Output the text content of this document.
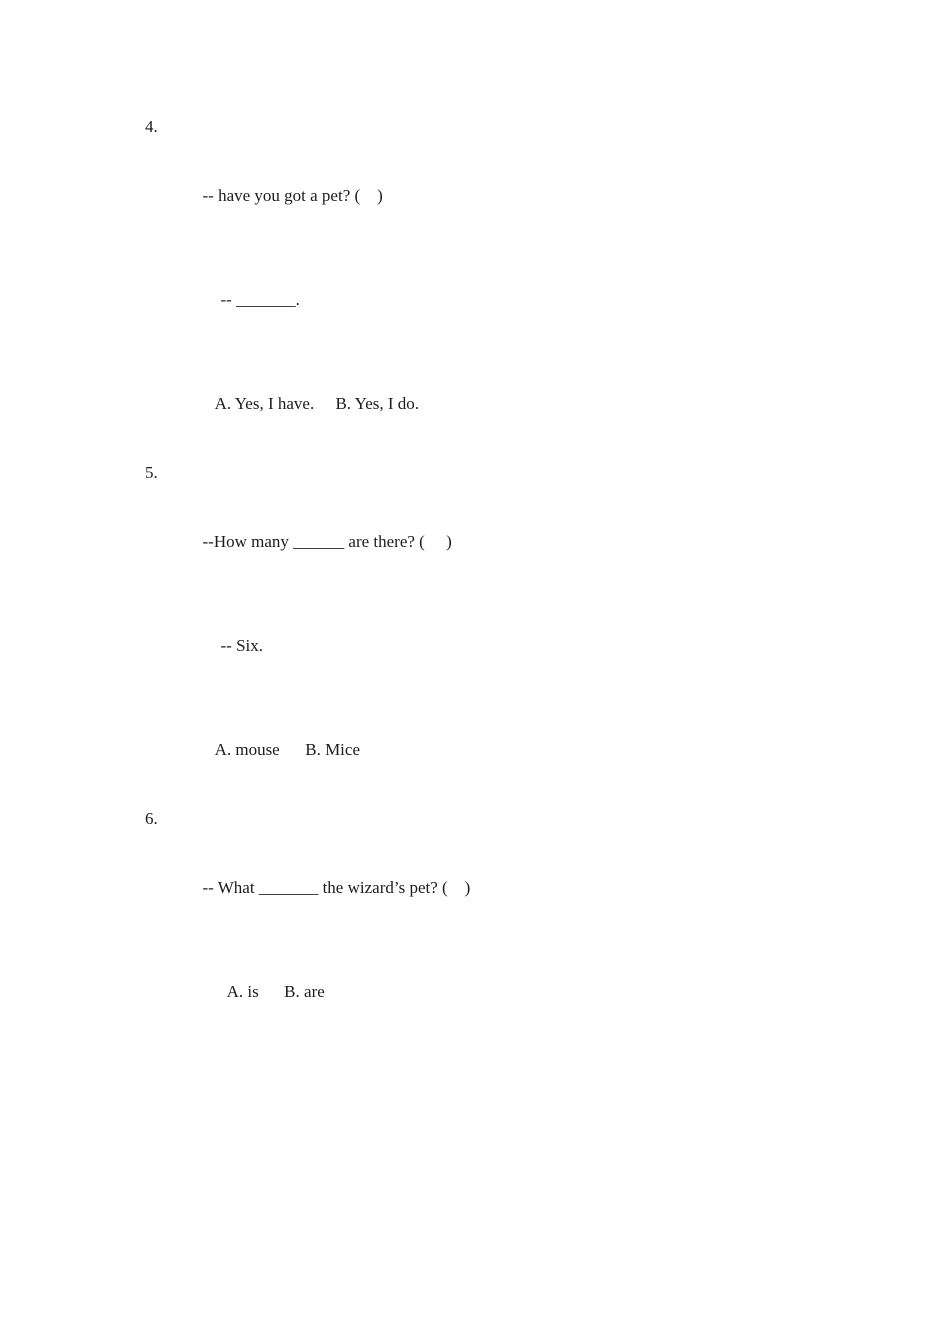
4.

-- have you got a pet? (    )

-- _______.

A. Yes, I have.     B. Yes, I do.

5.

--How many ______ are there? (     )

-- Six.

A. mouse      B. Mice

6.

-- What _______ the wizard’s pet? (    )

A. is      B. are
